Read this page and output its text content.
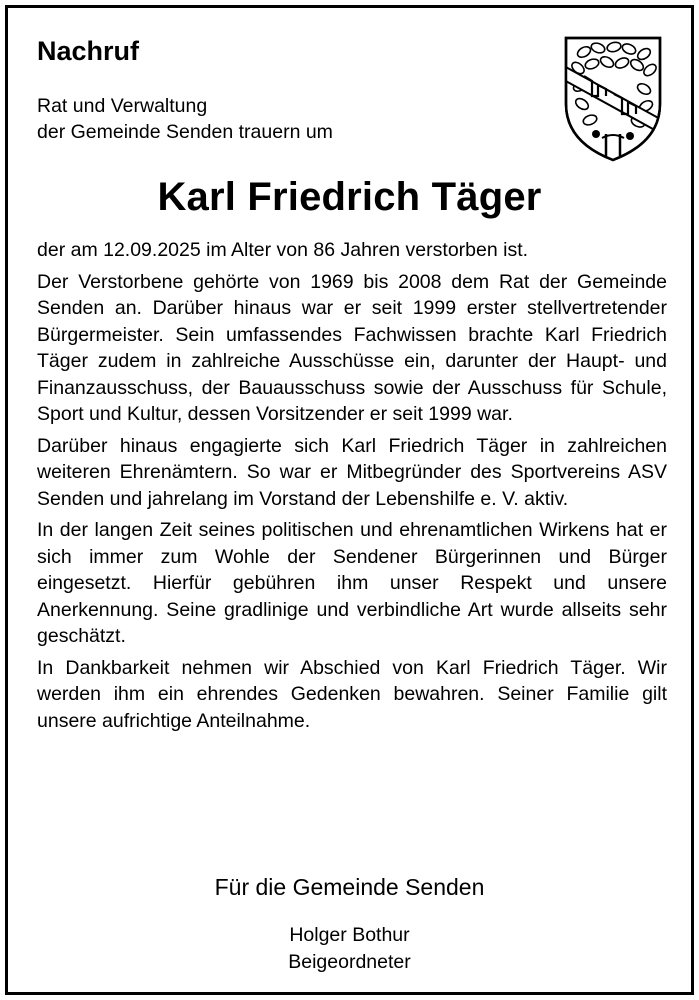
Nachruf
Rat und Verwaltung
der Gemeinde Senden trauern um
Karl Friedrich Täger

der am 12.09.2025 im Alter von 86 Jahren verstorben ist.

Der Verstorbene gehörte von 1969 bis 2008 dem Rat der Gemeinde Senden an. Darüber hinaus war er seit 1999 erster stellvertretender Bürgermeister. Sein umfassendes Fachwissen brachte Karl Friedrich Täger zudem in zahlreiche Ausschüsse ein, darunter der Haupt- und Finanzausschuss, der Bauausschuss sowie der Ausschuss für Schule, Sport und Kultur, dessen Vorsitzender er seit 1999 war.

Darüber hinaus engagierte sich Karl Friedrich Täger in zahlreichen weiteren Ehrenämtern. So war er Mitbegründer des Sportvereins ASV Senden und jahrelang im Vorstand der Lebenshilfe e. V. aktiv.

In der langen Zeit seines politischen und ehrenamtlichen Wirkens hat er sich immer zum Wohle der Sendener Bürgerinnen und Bürger eingesetzt. Hierfür gebühren ihm unser Respekt und unsere Anerkennung. Seine gradlinige und verbindliche Art wurde allseits sehr geschätzt.

In Dankbarkeit nehmen wir Abschied von Karl Friedrich Täger. Wir werden ihm ein ehrendes Gedenken bewahren. Seiner Familie gilt unsere aufrichtige Anteilnahme.

Für die Gemeinde Senden
Holger Bothur
Beigeordneter
